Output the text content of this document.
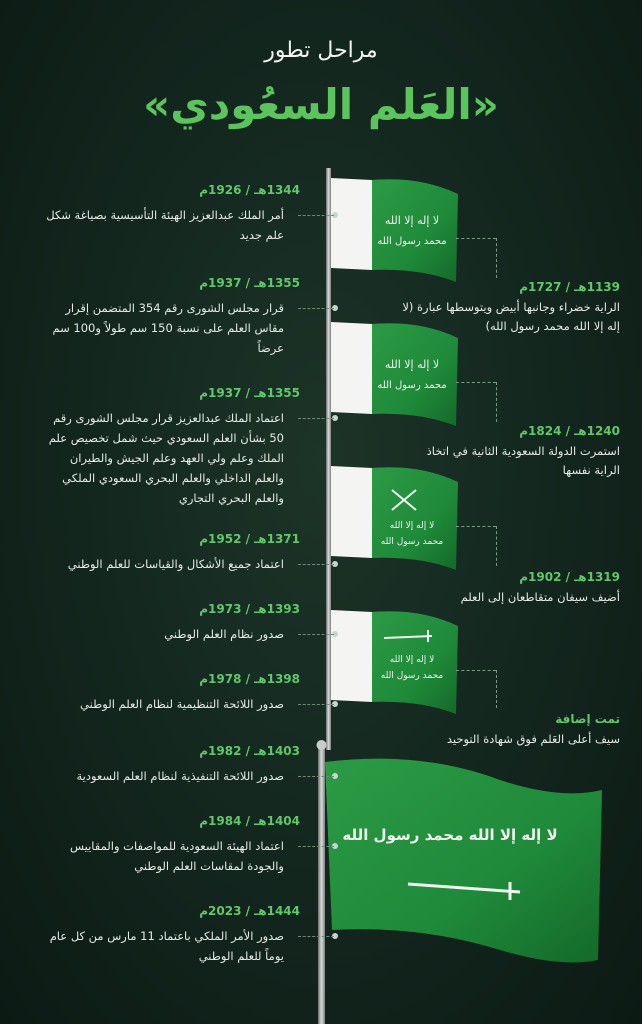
مراحل تطور
«العَلم السعُودي»
لا إله إلا الله
محمد رسول الله
لا إله إلا الله
محمد رسول الله
لا إله إلا الله
محمد رسول الله
لا إله إلا الله
محمد رسول الله
لا إله إلا الله محمد رسول الله
1344هـ / 1926م
أمر الملك عبدالعزيز الهيئة التأسيسية بصياغة شكل علم جديد
1355هـ / 1937م
قرار مجلس الشورى رقم 354 المتضمن إقرار مقاس العلم على نسبة 150 سم طولاً و100 سم عرضاً
1355هـ / 1937م
اعتماد الملك عبدالعزيز قرار مجلس الشورى رقم 50 بشأن العلم السعودي حيث شمل تخصيص علم الملك وعلم ولي العهد وعلم الجيش والطيران والعلم الداخلي والعلم البحري السعودي الملكي والعلم البحري التجاري
1371هـ / 1952م
اعتماد جميع الأشكال والقياسات للعلم الوطني
1393هـ / 1973م
صدور نظام العلم الوطني
1398هـ / 1978م
صدور اللائحة التنظيمية لنظام العلم الوطني
1403هـ / 1982م
صدور اللائحة التنفيذية لنظام العلم السعودية
1404هـ / 1984م
اعتماد الهيئة السعودية للمواصفات والمقاييس والجودة لمقاسات العلم الوطني
1444هـ / 2023م
صدور الأمر الملكي باعتماد 11 مارس من كل عام يوماً للعلم الوطني
1139هـ / 1727م
الراية خضراء وجانبها أبيض ويتوسطها عبارة (لا إله إلا الله محمد رسول الله)
1240هـ / 1824م
استمرت الدولة السعودية الثانية في اتخاذ الراية نفسها
1319هـ / 1902م
أضيف سيفان متقاطعان إلى العلم
تمت إضافة
سيف أعلى العَلم فوق شهادة التوحيد
